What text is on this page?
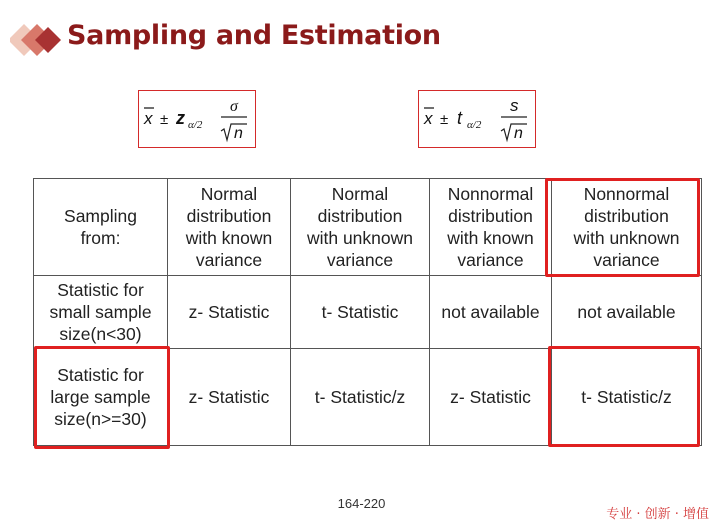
Sampling and Estimation
x ± z α/2
σ
n
x ± t α/2
s
n
Sampling
from:	Normal
distribution
with known
variance	Normal
distribution
with unknown
variance	Nonnormal
distribution
with known
variance	Nonnormal
distribution
with unknown
variance
Statistic for
small sample
size(n<30)	z- Statistic	t- Statistic	not available	not available
Statistic for
large sample
size(n>=30)	z- Statistic	t- Statistic/z	z- Statistic	t- Statistic/z
164-220
专业 · 创新 · 增值
